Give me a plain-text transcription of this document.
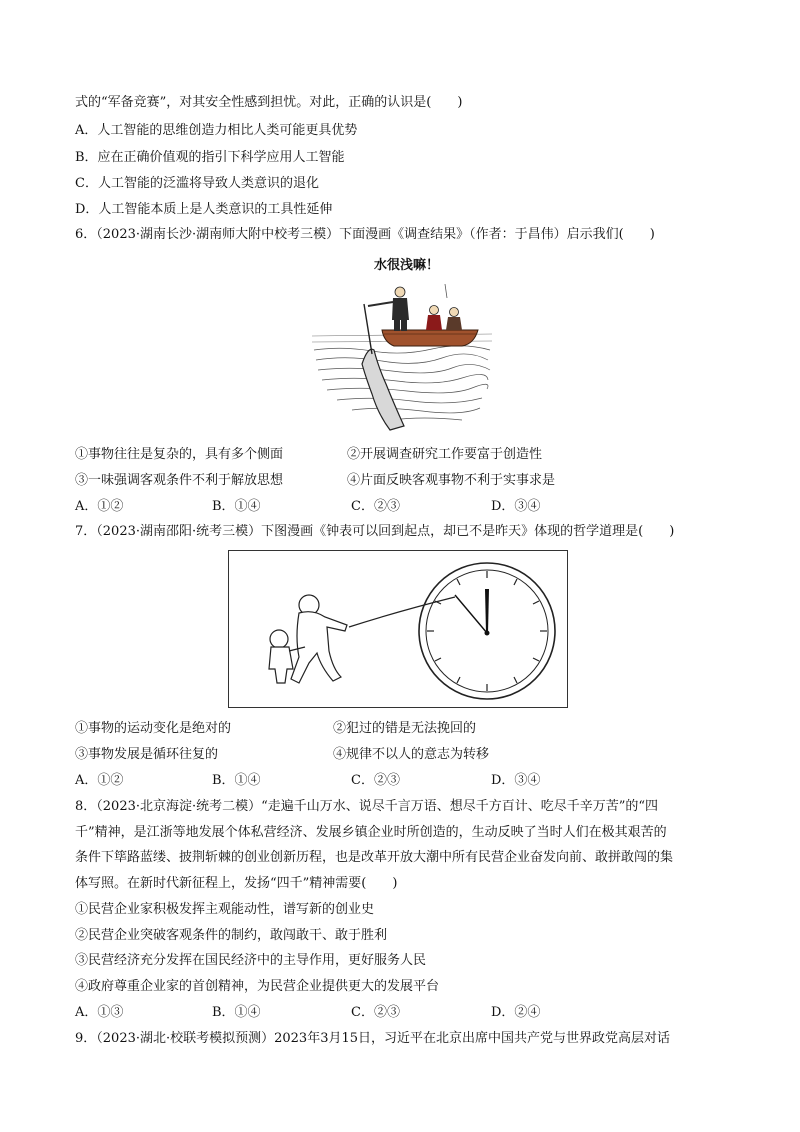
式的“军备竞赛”，对其安全性感到担忧。对此，正确的认识是(　　)
A．人工智能的思维创造力相比人类可能更具优势
B．应在正确价值观的指引下科学应用人工智能
C．人工智能的泛滥将导致人类意识的退化
D．人工智能本质上是人类意识的工具性延伸
6．（2023·湖南长沙·湖南师大附中校考三模）下面漫画《调查结果》（作者：于昌伟）启示我们(　　)
水很浅嘛！
①事物往往是复杂的，具有多个侧面	②开展调查研究工作要富于创造性
③一味强调客观条件不利于解放思想	④片面反映客观事物不利于实事求是
A．①②	B．①④	C．②③	D．③④
7．（2023·湖南邵阳·统考三模）下图漫画《钟表可以回到起点，却已不是昨天》体现的哲学道理是(　　)
①事物的运动变化是绝对的	②犯过的错是无法挽回的
③事物发展是循环往复的	④规律不以人的意志为转移
A．①②	B．①④	C．②③	D．③④
8．（2023·北京海淀·统考二模）“走遍千山万水、说尽千言万语、想尽千方百计、吃尽千辛万苦”的“四
千”精神，是江浙等地发展个体私营经济、发展乡镇企业时所创造的，生动反映了当时人们在极其艰苦的
条件下筚路蓝缕、披荆斩棘的创业创新历程，也是改革开放大潮中所有民营企业奋发向前、敢拼敢闯的集
体写照。在新时代新征程上，发扬“四千”精神需要(　　)
①民营企业家积极发挥主观能动性，谱写新的创业史
②民营企业突破客观条件的制约，敢闯敢干、敢于胜利
③民营经济充分发挥在国民经济中的主导作用，更好服务人民
④政府尊重企业家的首创精神，为民营企业提供更大的发展平台
A．①③	B．①④	C．②③	D．②④
9．（2023·湖北·校联考模拟预测）2023年3月15日，习近平在北京出席中国共产党与世界政党高层对话
